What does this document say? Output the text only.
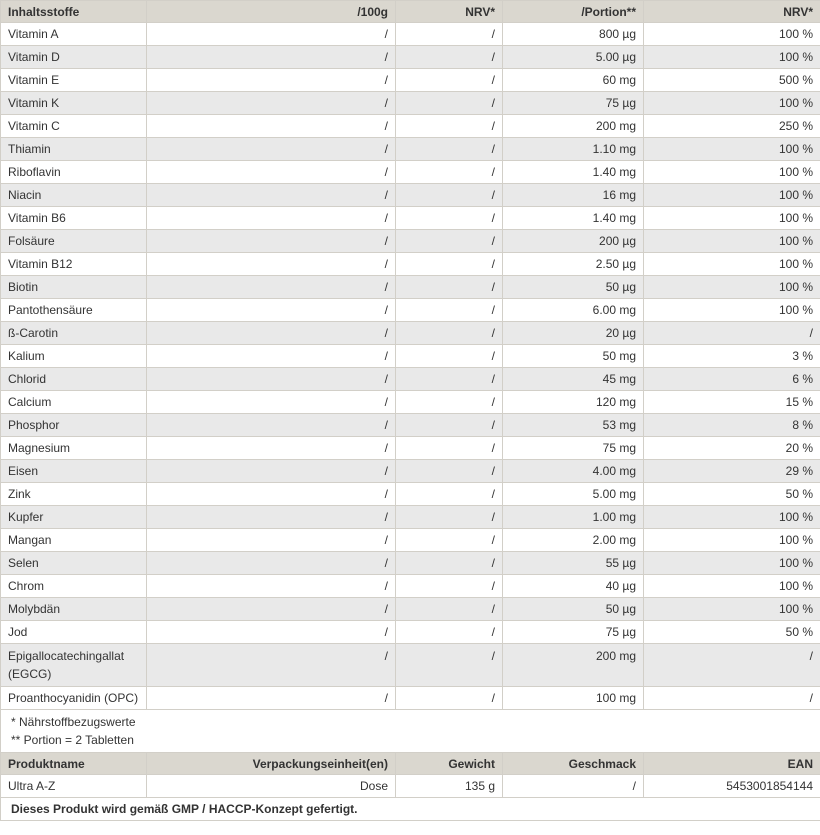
Inhaltsstoffe	/100g	NRV*	/Portion**	NRV*
Vitamin A	/	/	800 µg	100 %
Vitamin D	/	/	5.00 µg	100 %
Vitamin E	/	/	60 mg	500 %
Vitamin K	/	/	75 µg	100 %
Vitamin C	/	/	200 mg	250 %
Thiamin	/	/	1.10 mg	100 %
Riboflavin	/	/	1.40 mg	100 %
Niacin	/	/	16 mg	100 %
Vitamin B6	/	/	1.40 mg	100 %
Folsäure	/	/	200 µg	100 %
Vitamin B12	/	/	2.50 µg	100 %
Biotin	/	/	50 µg	100 %
Pantothensäure	/	/	6.00 mg	100 %
ß-Carotin	/	/	20 µg	/
Kalium	/	/	50 mg	3 %
Chlorid	/	/	45 mg	6 %
Calcium	/	/	120 mg	15 %
Phosphor	/	/	53 mg	8 %
Magnesium	/	/	75 mg	20 %
Eisen	/	/	4.00 mg	29 %
Zink	/	/	5.00 mg	50 %
Kupfer	/	/	1.00 mg	100 %
Mangan	/	/	2.00 mg	100 %
Selen	/	/	55 µg	100 %
Chrom	/	/	40 µg	100 %
Molybdän	/	/	50 µg	100 %
Jod	/	/	75 µg	50 %
Epigallocatechingallat (EGCG)	/	/	200 mg	/
Proanthocyanidin (OPC)	/	/	100 mg	/

* Nährstoffbezugswerte
** Portion = 2 Tabletten				

Produktname	Verpackungseinheit(en)	Gewicht	Geschmack	EAN
Ultra A-Z	Dose	135 g	/	5453001854144
Dieses Produkt wird gemäß GMP / HACCP-Konzept gefertigt.				
